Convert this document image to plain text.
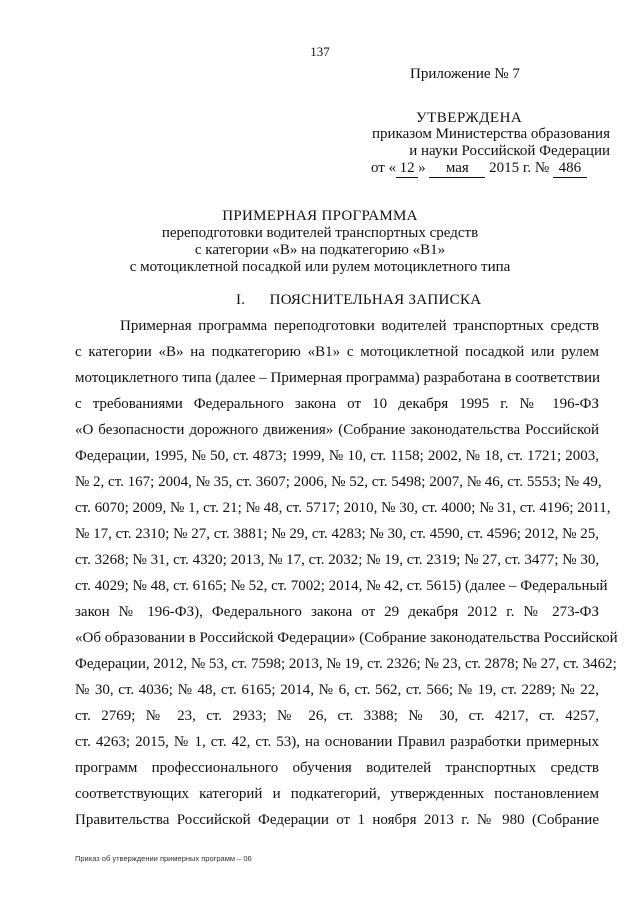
137
Приложение № 7
УТВЕРЖДЕНА
приказом Министерства образования
и науки Российской Федерации
от « 12 » мая 2015 г. № 486
ПРИМЕРНАЯ ПРОГРАММА
переподготовки водителей транспортных средств
с категории «В» на подкатегорию «В1»
с мотоциклетной посадкой или рулем мотоциклетного типа
I. ПОЯСНИТЕЛЬНАЯ ЗАПИСКА
Примерная программа переподготовки водителей транспортных средств
с категории «В» на подкатегорию «В1» с мотоциклетной посадкой или рулем
мотоциклетного типа (далее – Примерная программа) разработана в соответствии
с требованиями Федерального закона от 10 декабря 1995 г. № 196-ФЗ
«О безопасности дорожного движения» (Собрание законодательства Российской
Федерации, 1995, № 50, ст. 4873; 1999, № 10, ст. 1158; 2002, № 18, ст. 1721; 2003,
№ 2, ст. 167; 2004, № 35, ст. 3607; 2006, № 52, ст. 5498; 2007, № 46, ст. 5553; № 49,
ст. 6070; 2009, № 1, ст. 21; № 48, ст. 5717; 2010, № 30, ст. 4000; № 31, ст. 4196; 2011,
№ 17, ст. 2310; № 27, ст. 3881; № 29, ст. 4283; № 30, ст. 4590, ст. 4596; 2012, № 25,
ст. 3268; № 31, ст. 4320; 2013, № 17, ст. 2032; № 19, ст. 2319; № 27, ст. 3477; № 30,
ст. 4029; № 48, ст. 6165; № 52, ст. 7002; 2014, № 42, ст. 5615) (далее – Федеральный
закон № 196-ФЗ), Федерального закона от 29 декабря 2012 г. № 273-ФЗ
«Об образовании в Российской Федерации» (Собрание законодательства Российской
Федерации, 2012, № 53, ст. 7598; 2013, № 19, ст. 2326; № 23, ст. 2878; № 27, ст. 3462;
№ 30, ст. 4036; № 48, ст. 6165; 2014, № 6, ст. 562, ст. 566; № 19, ст. 2289; № 22,
ст. 2769; № 23, ст. 2933; № 26, ст. 3388; № 30, ст. 4217, ст. 4257,
ст. 4263; 2015, № 1, ст. 42, ст. 53), на основании Правил разработки примерных
программ профессионального обучения водителей транспортных средств
соответствующих категорий и подкатегорий, утвержденных постановлением
Правительства Российской Федерации от 1 ноября 2013 г. № 980 (Собрание
Приказ об утверждении примерных программ – 06
